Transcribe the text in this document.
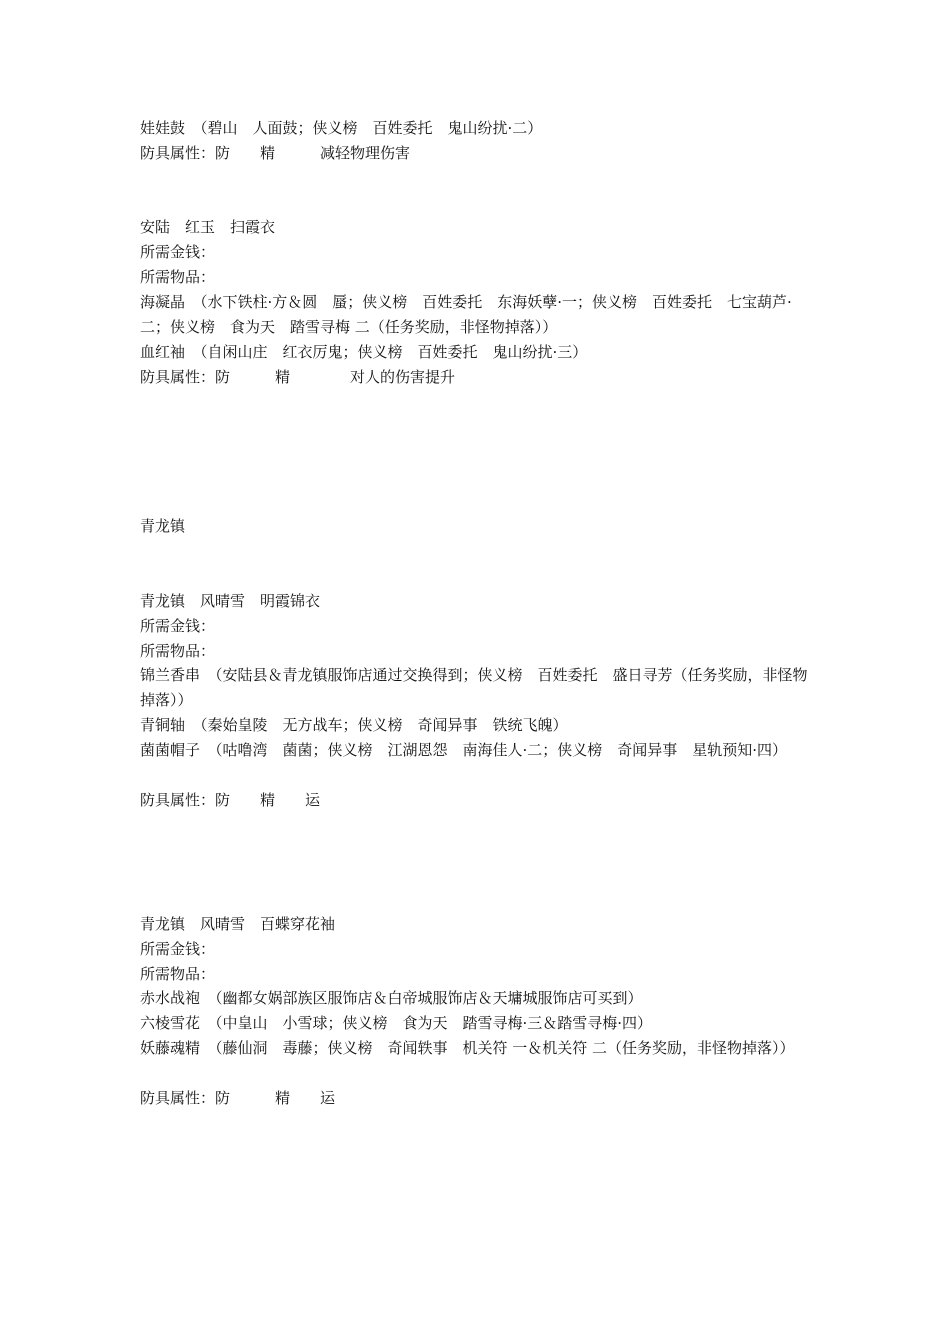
娃娃鼓　（碧山　人面鼓；侠义榜　百姓委托　鬼山纷扰·二）
防具属性：防　　精　　　减轻物理伤害
安陆　红玉　扫霞衣
所需金钱：
所需物品：
海凝晶　（水下铁柱·方＆圆　蜃；侠义榜　百姓委托　东海妖孽·一；侠义榜　百姓委托　七宝葫芦·二；侠义榜　食为天　踏雪寻梅 二（任务奖励，非怪物掉落））
血红袖　（自闲山庄　红衣厉鬼；侠义榜　百姓委托　鬼山纷扰·三）
防具属性：防　　　精　　　　对人的伤害提升
青龙镇
青龙镇　风晴雪　明霞锦衣
所需金钱：
所需物品：
锦兰香串　（安陆县＆青龙镇服饰店通过交换得到；侠义榜　百姓委托　盛日寻芳（任务奖励，非怪物掉落））
青铜轴　（秦始皇陵　无方战车；侠义榜　奇闻异事　铁统飞魄）
菌菌帽子　（咕噜湾　菌菌；侠义榜　江湖恩怨　南海佳人·二；侠义榜　奇闻异事　星轨预知·四）
防具属性：防　　精　　运
青龙镇　风晴雪　百蝶穿花袖
所需金钱：
所需物品：
赤水战袍　（幽都女娲部族区服饰店＆白帝城服饰店＆天墉城服饰店可买到）
六棱雪花　（中皇山　小雪球；侠义榜　食为天　踏雪寻梅·三＆踏雪寻梅·四）
妖藤魂精　（藤仙洞　毒藤；侠义榜　奇闻轶事　机关符 一＆机关符 二（任务奖励，非怪物掉落））
防具属性：防　　　精　　运
